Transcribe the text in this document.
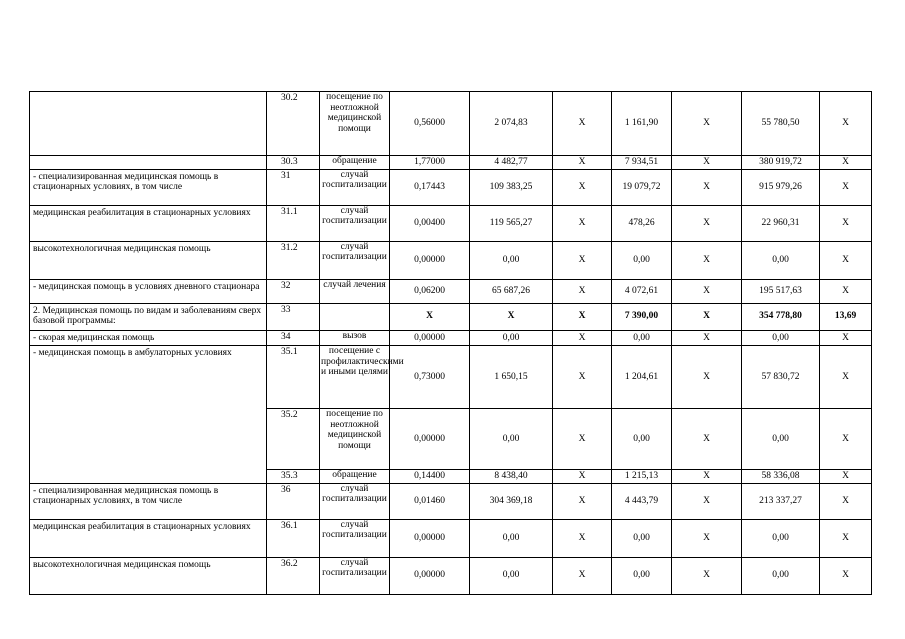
	30.2	посещение по неотложной медицинской помощи	0,56000	2 074,83	X	1 161,90	X	55 780,50	X
	30.3	обращение	1,77000	4 482,77	X	7 934,51	X	380 919,72	X
- специализированная медицинская помощь в стационарных условиях, в том числе	31	случай госпитализации	0,17443	109 383,25	X	19 079,72	X	915 979,26	X
медицинская реабилитация в стационарных условиях	31.1	случай госпитализации	0,00400	119 565,27	X	478,26	X	22 960,31	X
высокотехнологичная медицинская помощь	31.2	случай госпитализации	0,00000	0,00	X	0,00	X	0,00	X
- медицинская помощь в условиях дневного стационара	32	случай лечения	0,06200	65 687,26	X	4 072,61	X	195 517,63	X
2. Медицинская помощь по видам и заболеваниям сверх базовой программы:	33		X	X	X	7 390,00	X	354 778,80	13,69
- скорая медицинская помощь	34	вызов	0,00000	0,00	X	0,00	X	0,00	X
- медицинская помощь в амбулаторных условиях	35.1	посещение с профилактическими и иными целями	0,73000	1 650,15	X	1 204,61	X	57 830,72	X
	35.2	посещение по неотложной медицинской помощи	0,00000	0,00	X	0,00	X	0,00	X
	35.3	обращение	0,14400	8 438,40	X	1 215,13	X	58 336,08	X
- специализированная медицинская помощь в стационарных условиях, в том числе	36	случай госпитализации	0,01460	304 369,18	X	4 443,79	X	213 337,27	X
медицинская реабилитация в стационарных условиях	36.1	случай госпитализации	0,00000	0,00	X	0,00	X	0,00	X
высокотехнологичная медицинская помощь	36.2	случай госпитализации	0,00000	0,00	X	0,00	X	0,00	X
